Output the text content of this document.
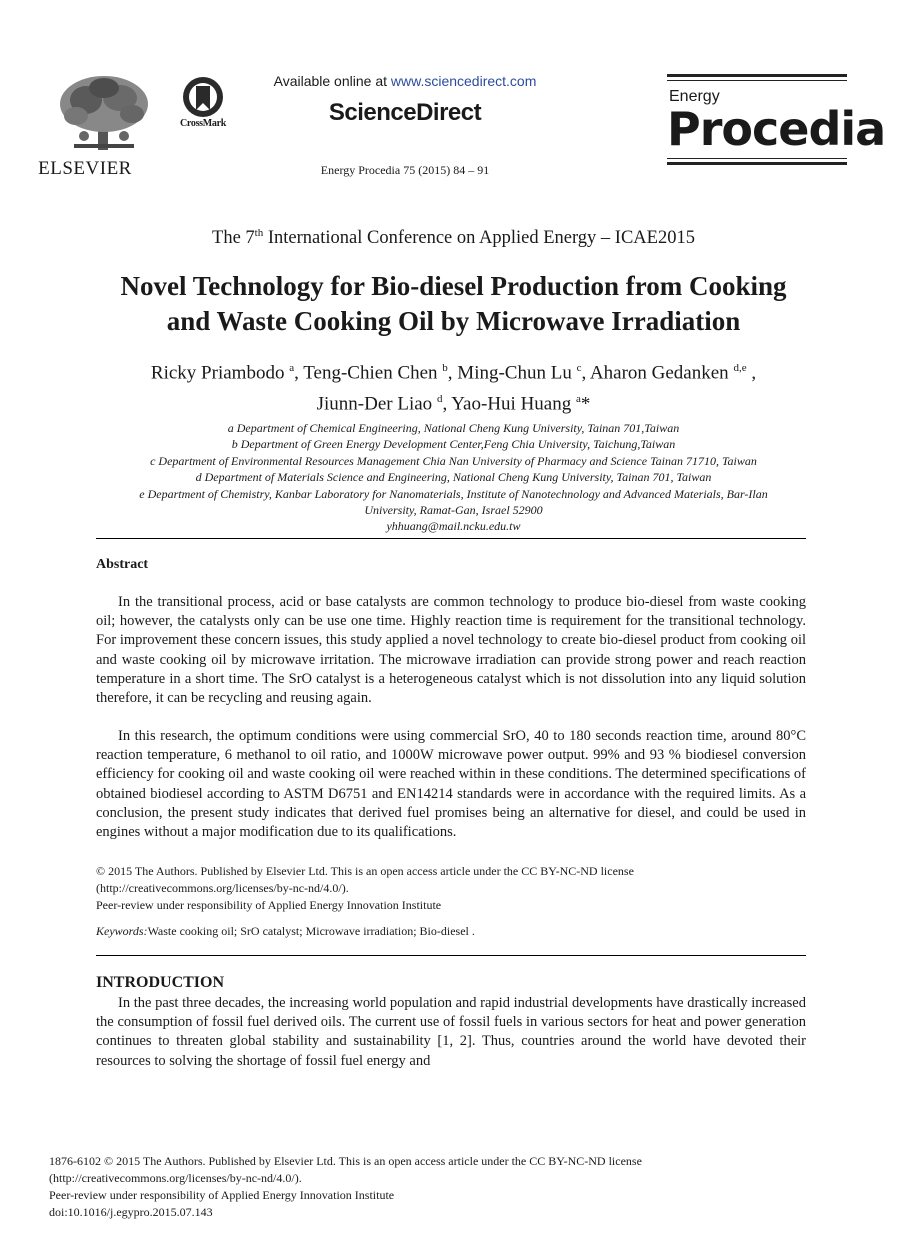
ELSEVIER
CrossMark
Available online at www.sciencedirect.com
ScienceDirect
Energy Procedia 75 (2015) 84 – 91
Energy
Procedia
The 7th International Conference on Applied Energy – ICAE2015
Novel Technology for Bio-diesel Production from Cooking
and Waste Cooking Oil by Microwave Irradiation
Ricky Priambodo $^a$, Teng-Chien Chen $^b$, Ming-Chun Lu $^c$, Aharon Gedanken $^{d,e}$ ,
Jiunn-Der Liao $^d$, Yao-Hui Huang $^a$*
a Department of Chemical Engineering, National Cheng Kung University, Tainan 701,Taiwan
b Department of Green Energy Development Center,Feng Chia University, Taichung,Taiwan
c Department of Environmental Resources Management Chia Nan University of Pharmacy and Science Tainan 71710, Taiwan
d Department of Materials Science and Engineering, National Cheng Kung University, Tainan 701, Taiwan
e Department of Chemistry, Kanbar Laboratory for Nanomaterials, Institute of Nanotechnology and Advanced Materials, Bar-Ilan
University, Ramat-Gan, Israel 52900
yhhuang@mail.ncku.edu.tw
Abstract
In the transitional process, acid or base catalysts are common technology to produce bio-diesel from waste cooking oil; however, the catalysts only can be use one time. Highly reaction time is requirement for the transitional technology. For improvement these concern issues, this study applied a novel technology to create bio-diesel product from cooking oil and waste cooking oil by microwave irritation. The microwave irradiation can provide strong power and reach reaction temperature in a short time. The SrO catalyst is a heterogeneous catalyst which is not dissolution into any liquid solution therefore, it can be recycling and reusing again.
In this research, the optimum conditions were using commercial SrO, 40 to 180 seconds reaction time, around 80°C reaction temperature, 6 methanol to oil ratio, and 1000W microwave power output. 99% and 93 % biodiesel conversion efficiency for cooking oil and waste cooking oil were reached within in these conditions. The determined specifications of obtained biodiesel according to ASTM D6751 and EN14214 standards were in accordance with the required limits. As a conclusion, the present study indicates that derived fuel promises being an alternative for diesel, and could be used in engines without a major modification due to its qualifications.
© 2015 The Authors. Published by Elsevier Ltd. This is an open access article under the CC BY-NC-ND license
(http://creativecommons.org/licenses/by-nc-nd/4.0/).
Peer-review under responsibility of Applied Energy Innovation Institute
Keywords:Waste cooking oil; SrO catalyst; Microwave irradiation; Bio-diesel .
INTRODUCTION
In the past three decades, the increasing world population and rapid industrial developments have drastically increased the consumption of fossil fuel derived oils. The current use of fossil fuels in various sectors for heat and power generation continues to threaten global stability and sustainability [1, 2]. Thus, countries around the world have devoted their resources to solving the shortage of fossil fuel energy and
1876-6102 © 2015 The Authors. Published by Elsevier Ltd. This is an open access article under the CC BY-NC-ND license
(http://creativecommons.org/licenses/by-nc-nd/4.0/).
Peer-review under responsibility of Applied Energy Innovation Institute
doi:10.1016/j.egypro.2015.07.143
